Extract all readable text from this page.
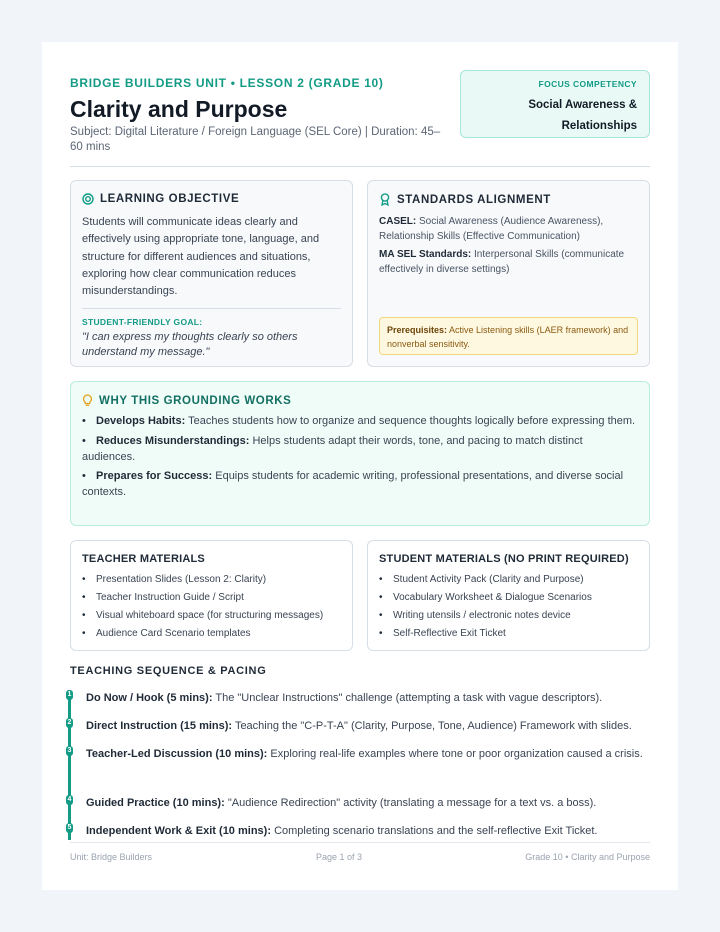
BRIDGE BUILDERS UNIT • LESSON 2 (GRADE 10)
Clarity and Purpose
Subject: Digital Literature / Foreign Language (SEL Core) | Duration: 45–60 mins
FOCUS COMPETENCY
Social Awareness & Relationships
LEARNING OBJECTIVE
Students will communicate ideas clearly and effectively using appropriate tone, language, and structure for different audiences and situations, exploring how clear communication reduces misunderstandings.
STUDENT-FRIENDLY GOAL:
"I can express my thoughts clearly so others understand my message."
STANDARDS ALIGNMENT
CASEL: Social Awareness (Audience Awareness), Relationship Skills (Effective Communication)
MA SEL Standards: Interpersonal Skills (communicate effectively in diverse settings)
Prerequisites: Active Listening skills (LAER framework) and nonverbal sensitivity.
WHY THIS GROUNDING WORKS
• Develops Habits: Teaches students how to organize and sequence thoughts logically before expressing them.
• Reduces Misunderstandings: Helps students adapt their words, tone, and pacing to match distinct audiences.
• Prepares for Success: Equips students for academic writing, professional presentations, and diverse social contexts.
TEACHER MATERIALS
• Presentation Slides (Lesson 2: Clarity)
• Teacher Instruction Guide / Script
• Visual whiteboard space (for structuring messages)
• Audience Card Scenario templates
STUDENT MATERIALS (NO PRINT REQUIRED)
• Student Activity Pack (Clarity and Purpose)
• Vocabulary Worksheet & Dialogue Scenarios
• Writing utensils / electronic notes device
• Self-Reflective Exit Ticket
TEACHING SEQUENCE & PACING
1 Do Now / Hook (5 mins): The "Unclear Instructions" challenge (attempting a task with vague descriptors).
2 Direct Instruction (15 mins): Teaching the "C-P-T-A" (Clarity, Purpose, Tone, Audience) Framework with slides.
3 Teacher-Led Discussion (10 mins): Exploring real-life examples where tone or poor organization caused a crisis.
4 Guided Practice (10 mins): "Audience Redirection" activity (translating a message for a text vs. a boss).
5 Independent Work & Exit (10 mins): Completing scenario translations and the self-reflective Exit Ticket.
Unit: Bridge Builders	Page 1 of 3	Grade 10 • Clarity and Purpose
